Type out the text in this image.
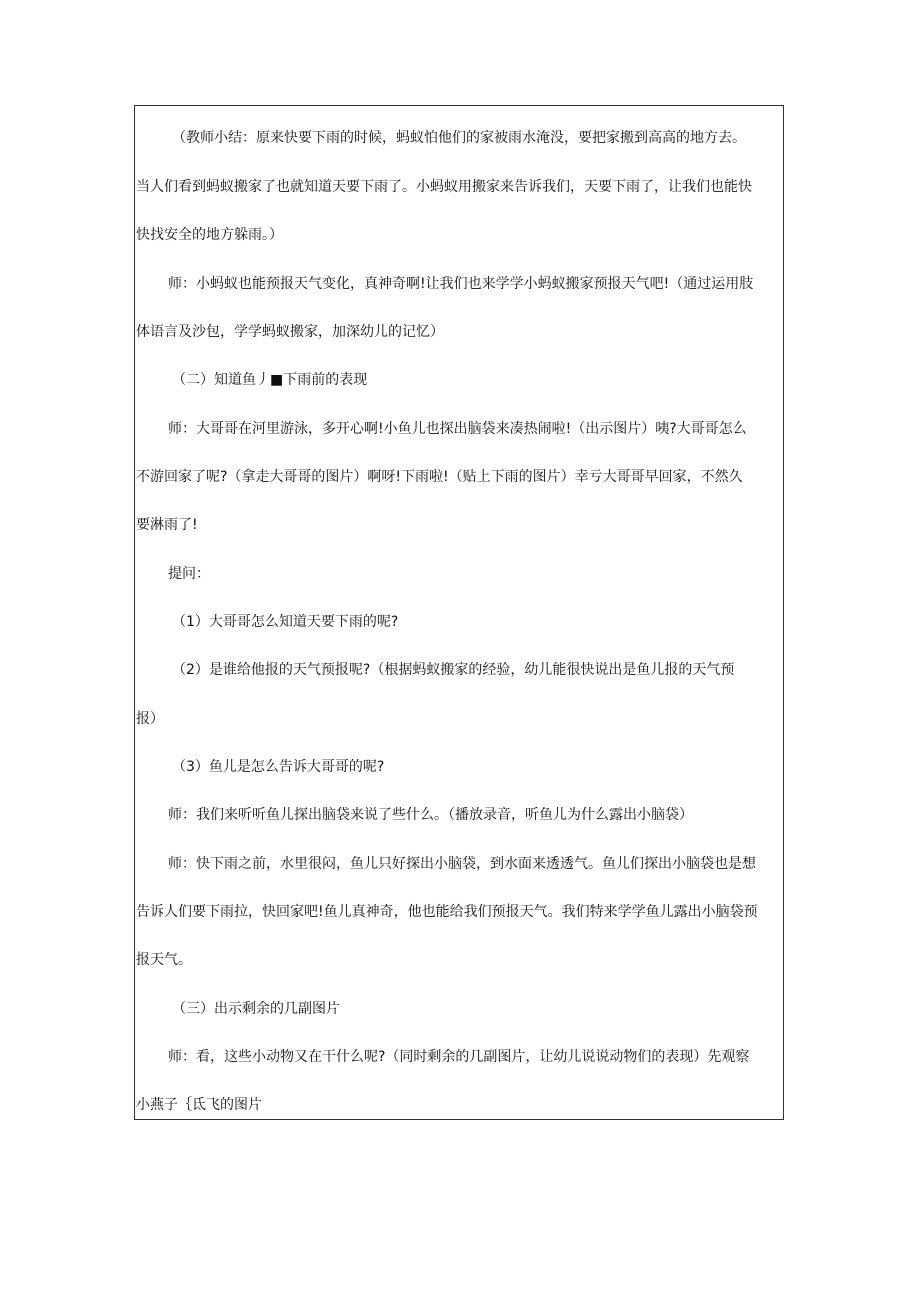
（教师小结：原来快要下雨的时候，蚂蚁怕他们的家被雨水淹没，要把家搬到高高的地方去。
当人们看到蚂蚁搬家了也就知道天要下雨了。小蚂蚁用搬家来告诉我们，天要下雨了，让我们也能快
快找安全的地方躲雨。）
师：小蚂蚁也能预报天气变化，真神奇啊!让我们也来学学小蚂蚁搬家预报天气吧!（通过运用肢
体语言及沙包，学学蚂蚁搬家，加深幼儿的记忆）
（二）知道鱼丿■下雨前的表现
师：大哥哥在河里游泳，多开心啊!小鱼儿也探出脑袋来凑热闹啦!（出示图片）咦?大哥哥怎么
不游回家了呢?（拿走大哥哥的图片）啊呀!下雨啦!（贴上下雨的图片）幸亏大哥哥早回家，不然久
要淋雨了!
提问：
（1）大哥哥怎么知道天要下雨的呢?
（2）是谁给他报的天气预报呢?（根据蚂蚁搬家的经验，幼儿能很快说出是鱼儿报的天气预
报）
（3）鱼儿是怎么告诉大哥哥的呢?
师：我们来听听鱼儿探出脑袋来说了些什么。（播放录音，听鱼儿为什么露出小脑袋）
师：快下雨之前，水里很闷，鱼儿只好探出小脑袋，到水面来透透气。鱼儿们探出小脑袋也是想
告诉人们要下雨拉，快回家吧!鱼儿真神奇，他也能给我们预报天气。我们特来学学鱼儿露出小脑袋预
报天气。
（三）出示剩余的几副图片
师：看，这些小动物又在干什么呢?（同时剩余的几副图片，让幼儿说说动物们的表现）先观察
小燕子｛氐飞的图片
